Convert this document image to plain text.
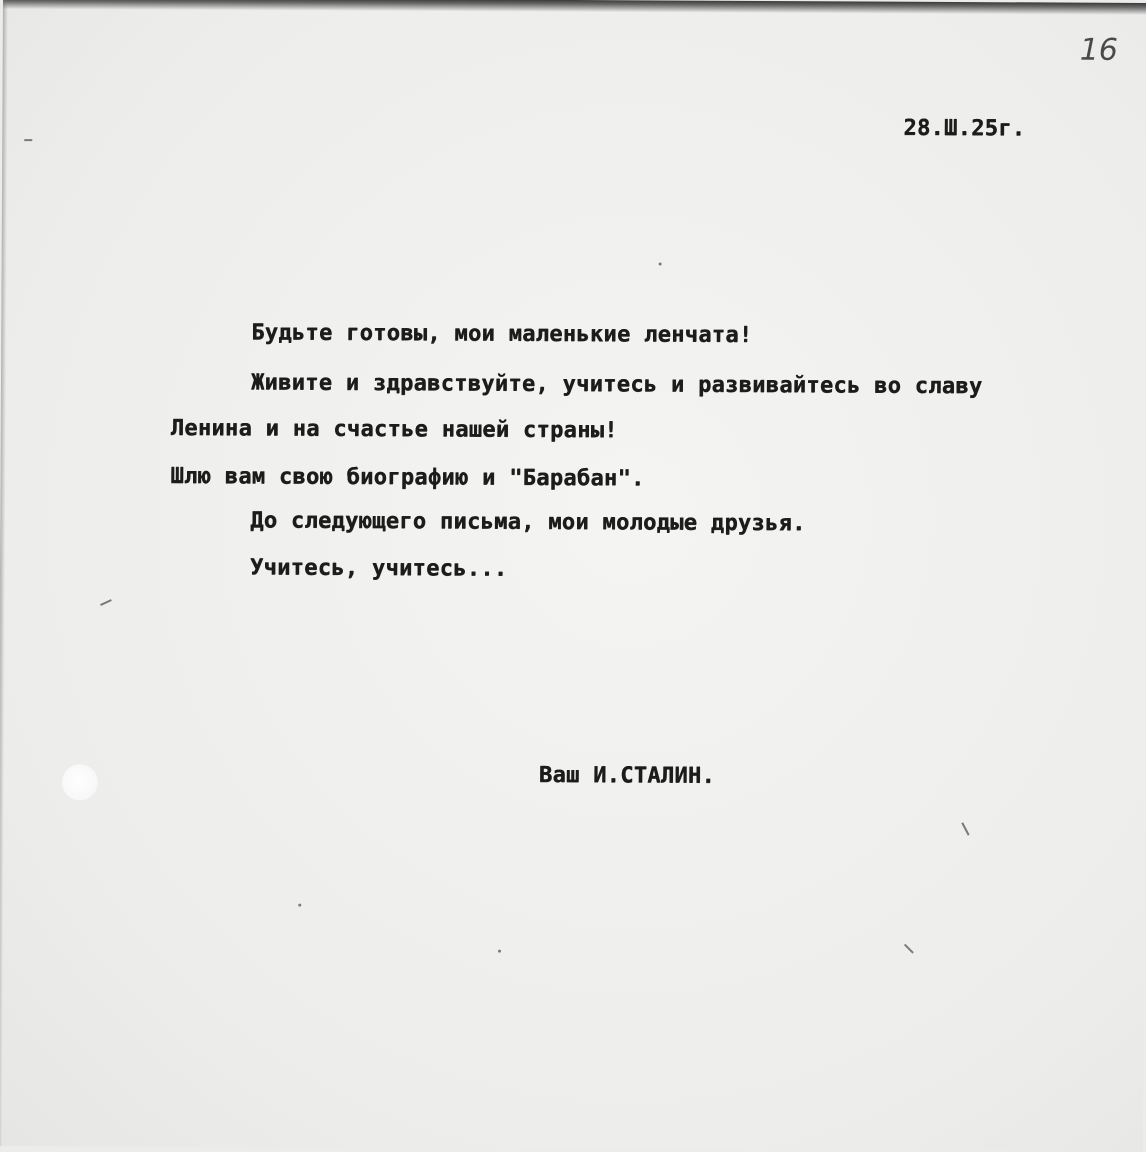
16
28.Ш.25г.
Будьте готовы, мои маленькие ленчата!
Живите и здравствуйте, учитесь и развивайтесь во славу
Ленина и на счастье нашей страны!
Шлю вам свою биографию и "Барабан".
До следующего письма, мои молодые друзья.
Учитесь, учитесь...
Ваш И.СТАЛИН.
